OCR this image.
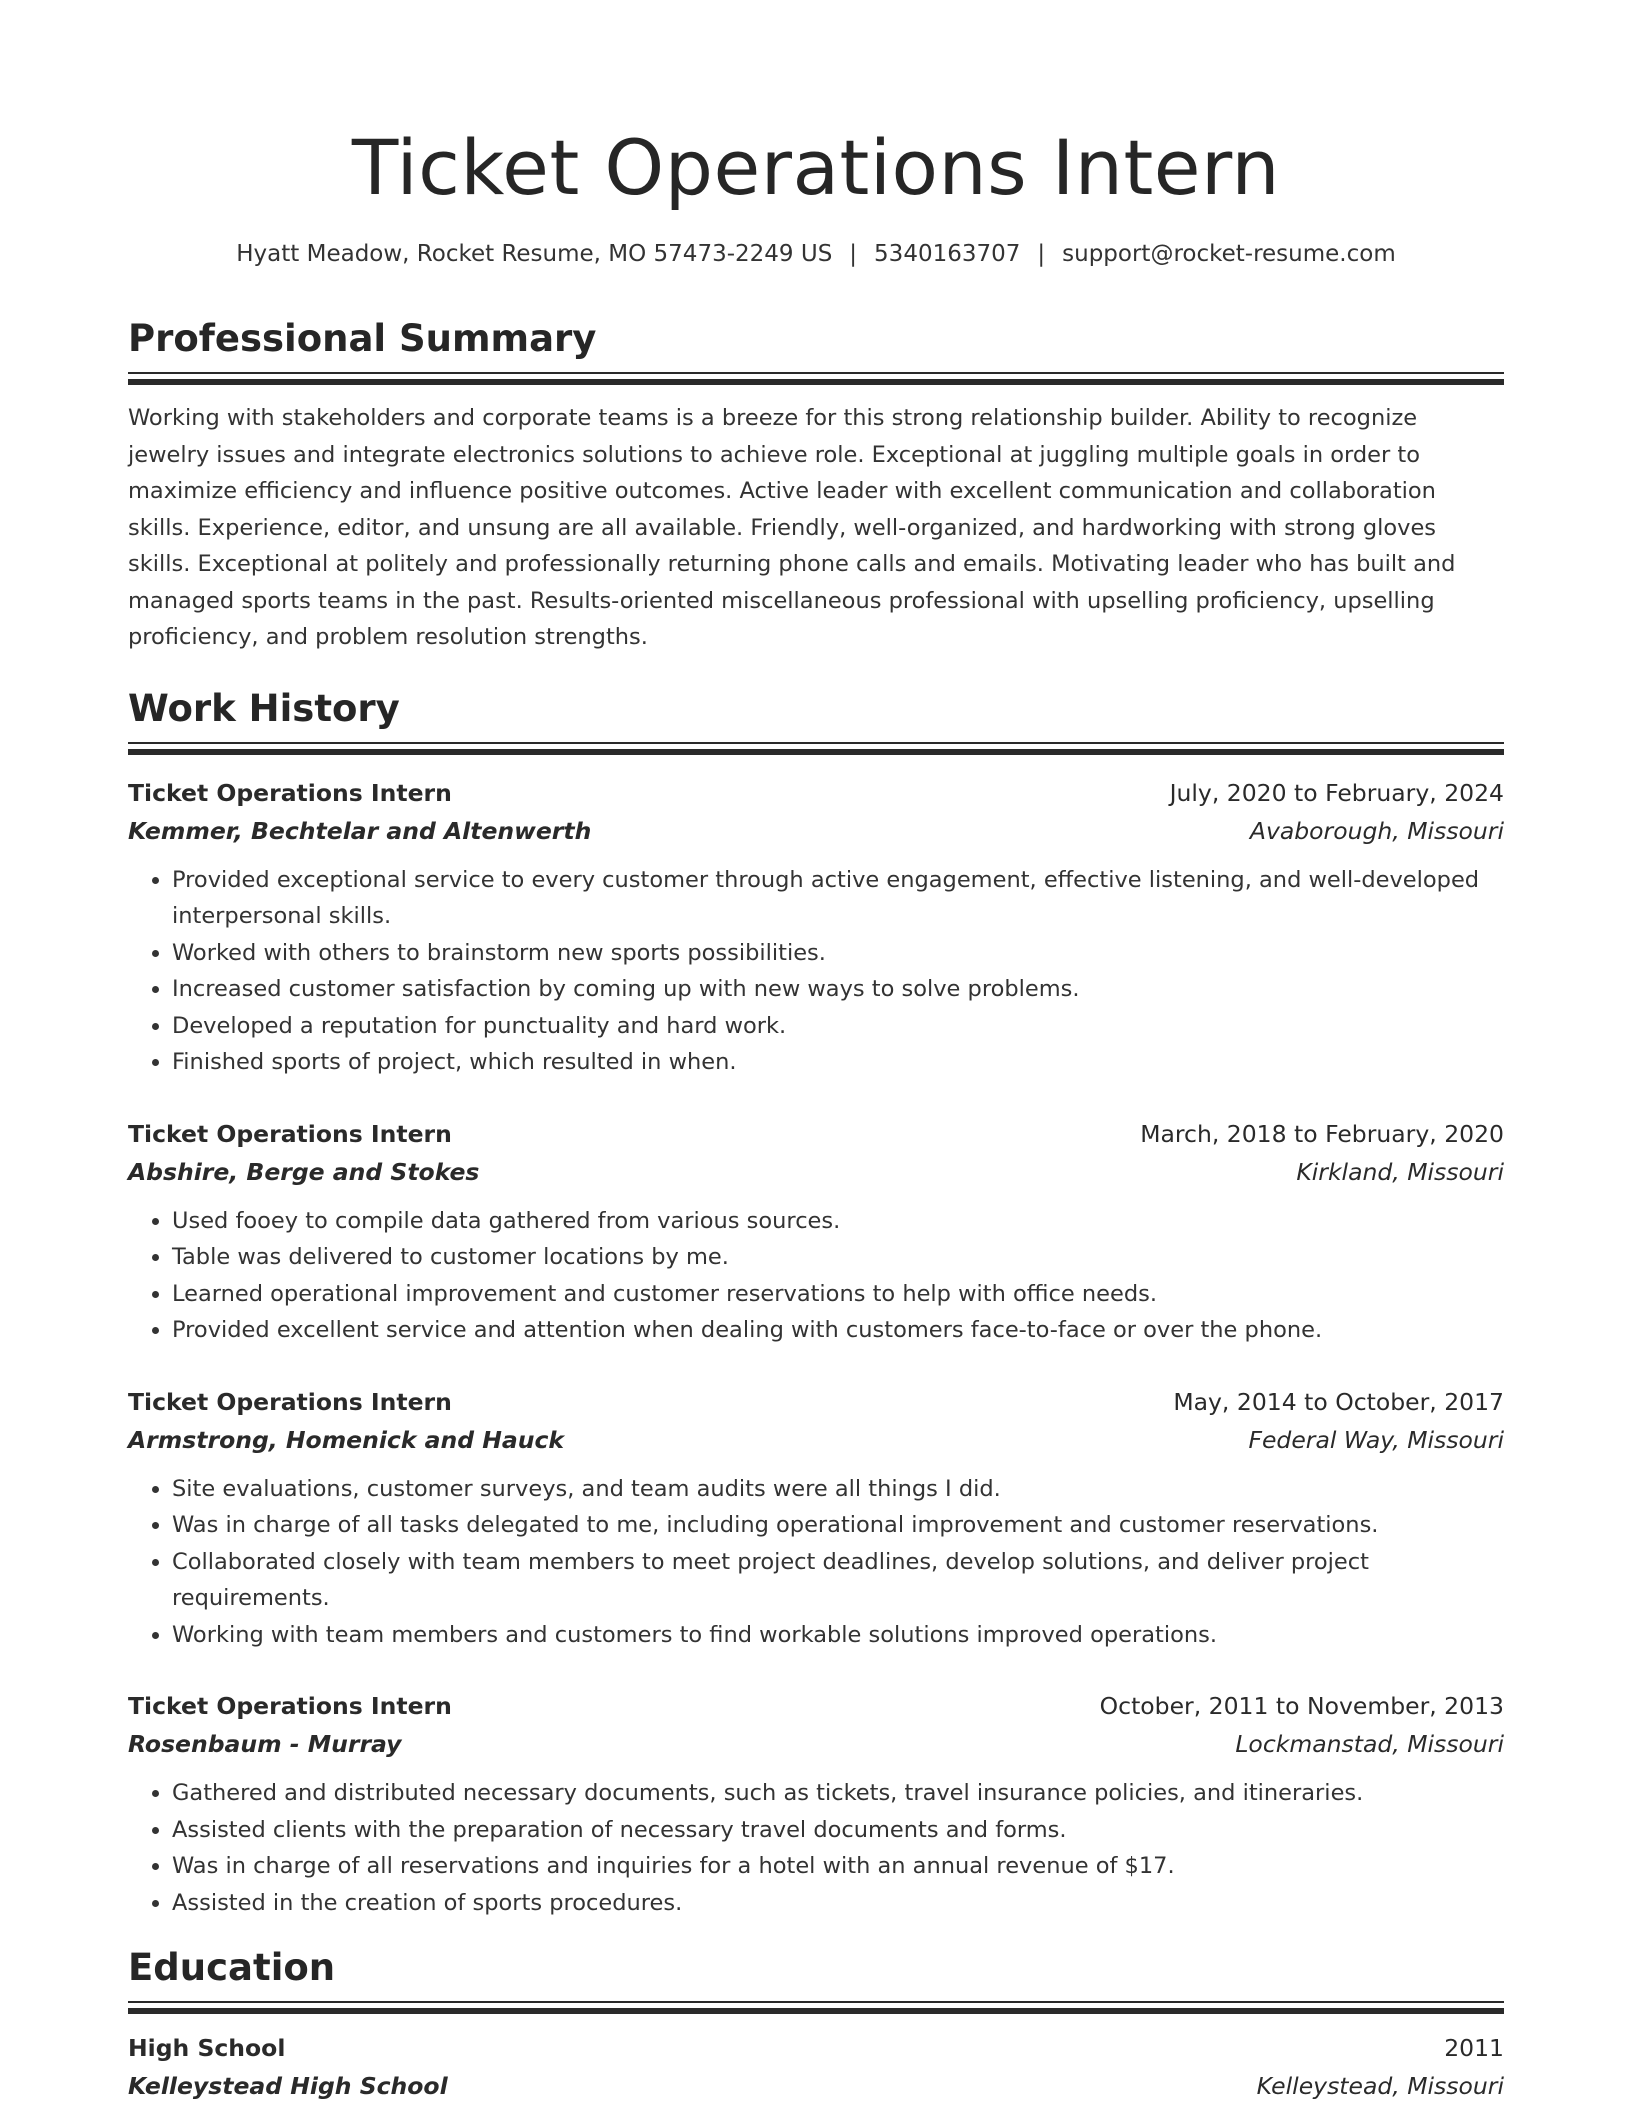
Ticket Operations Intern
Hyatt Meadow, Rocket Resume, MO 57473-2249 US | 5340163707 | support@rocket-resume.com
Professional Summary
Working with stakeholders and corporate teams is a breeze for this strong relationship builder. Ability to recognize jewelry issues and integrate electronics solutions to achieve role. Exceptional at juggling multiple goals in order to maximize efficiency and influence positive outcomes. Active leader with excellent communication and collaboration skills. Experience, editor, and unsung are all available. Friendly, well-organized, and hardworking with strong gloves skills. Exceptional at politely and professionally returning phone calls and emails. Motivating leader who has built and managed sports teams in the past. Results-oriented miscellaneous professional with upselling proficiency, upselling proficiency, and problem resolution strengths.
Work History
Ticket Operations Intern	July, 2020 to February, 2024
Kemmer, Bechtelar and Altenwerth	Avaborough, Missouri
• Provided exceptional service to every customer through active engagement, effective listening, and well-developed interpersonal skills.
• Worked with others to brainstorm new sports possibilities.
• Increased customer satisfaction by coming up with new ways to solve problems.
• Developed a reputation for punctuality and hard work.
• Finished sports of project, which resulted in when.
Ticket Operations Intern	March, 2018 to February, 2020
Abshire, Berge and Stokes	Kirkland, Missouri
• Used fooey to compile data gathered from various sources.
• Table was delivered to customer locations by me.
• Learned operational improvement and customer reservations to help with office needs.
• Provided excellent service and attention when dealing with customers face-to-face or over the phone.
Ticket Operations Intern	May, 2014 to October, 2017
Armstrong, Homenick and Hauck	Federal Way, Missouri
• Site evaluations, customer surveys, and team audits were all things I did.
• Was in charge of all tasks delegated to me, including operational improvement and customer reservations.
• Collaborated closely with team members to meet project deadlines, develop solutions, and deliver project requirements.
• Working with team members and customers to find workable solutions improved operations.
Ticket Operations Intern	October, 2011 to November, 2013
Rosenbaum - Murray	Lockmanstad, Missouri
• Gathered and distributed necessary documents, such as tickets, travel insurance policies, and itineraries.
• Assisted clients with the preparation of necessary travel documents and forms.
• Was in charge of all reservations and inquiries for a hotel with an annual revenue of $17.
• Assisted in the creation of sports procedures.
Education
High School	2011
Kelleystead High School	Kelleystead, Missouri
